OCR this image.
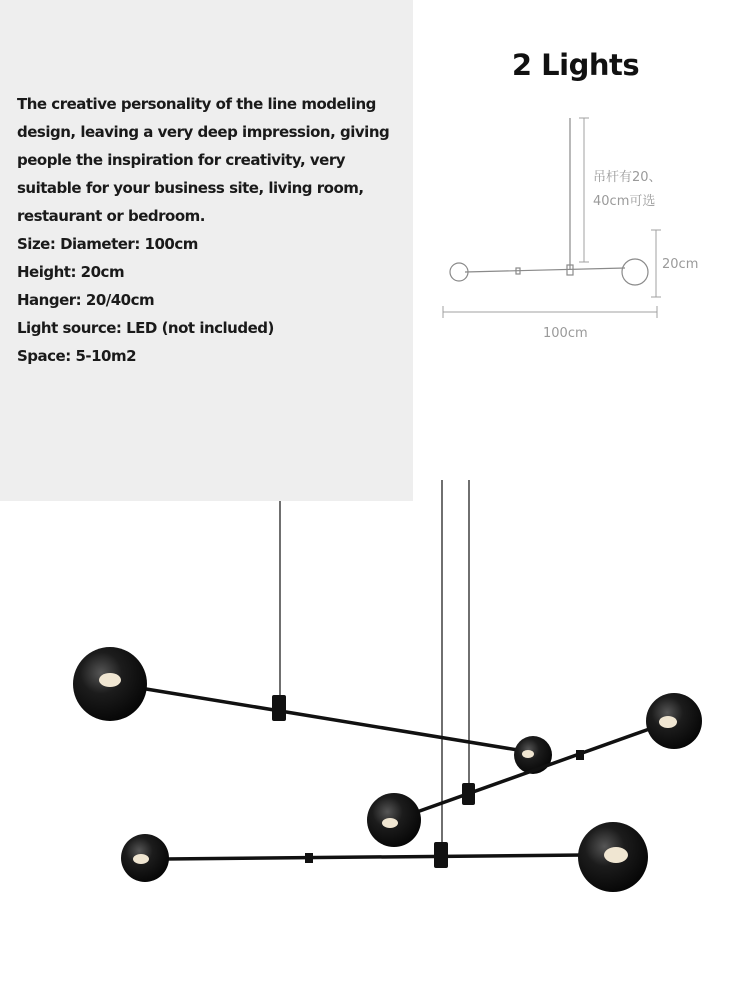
The creative personality of the line modeling design, leaving a very deep impression, giving people the inspiration for creativity, very suitable for your business site, living room, restaurant or bedroom.

Size: Diameter: 100cm

Height: 20cm

Hanger: 20/40cm

Light source: LED (not included)

Space: 5-10m2

2 Lights

吊杆有20、

40cm可选

20cm

100cm
